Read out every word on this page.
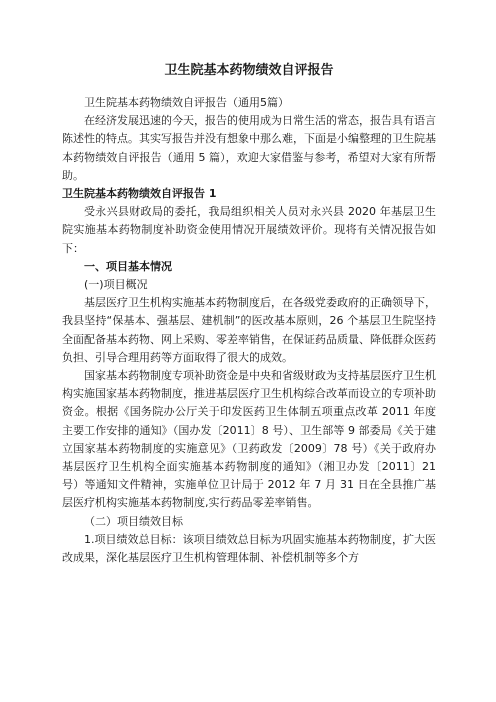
卫生院基本药物绩效自评报告

卫生院基本药物绩效自评报告（通用5篇）

在经济发展迅速的今天，报告的使用成为日常生活的常态，报告具有语言陈述性的特点。其实写报告并没有想象中那么难，下面是小编整理的卫生院基本药物绩效自评报告（通用 5 篇），欢迎大家借鉴与参考，希望对大家有所帮助。

卫生院基本药物绩效自评报告 1

受永兴县财政局的委托，我局组织相关人员对永兴县 2020 年基层卫生院实施基本药物制度补助资金使用情况开展绩效评价。现将有关情况报告如下：

一、项目基本情况

(一)项目概况

基层医疗卫生机构实施基本药物制度后，在各级党委政府的正确领导下，我县坚持“保基本、强基层、建机制”的医改基本原则，26 个基层卫生院坚持全面配备基本药物、网上采购、零差率销售，在保证药品质量、降低群众医药负担、引导合理用药等方面取得了很大的成效。

国家基本药物制度专项补助资金是中央和省级财政为支持基层医疗卫生机构实施国家基本药物制度，推进基层医疗卫生机构综合改革而设立的专项补助资金。根据《国务院办公厅关于印发医药卫生体制五项重点改革 2011 年度主要工作安排的通知》（国办发〔2011〕8 号）、卫生部等 9 部委局《关于建立国家基本药物制度的实施意见》（卫药政发〔2009〕78 号）《关于政府办基层医疗卫生机构全面实施基本药物制度的通知》（湘卫办发〔2011〕21 号）等通知文件精神，实施单位卫计局于 2012 年 7 月 31 日在全县推广基层医疗机构实施基本药物制度,实行药品零差率销售。

（二）项目绩效目标

1.项目绩效总目标：该项目绩效总目标为巩固实施基本药物制度，扩大医改成果，深化基层医疗卫生机构管理体制、补偿机制等多个方
